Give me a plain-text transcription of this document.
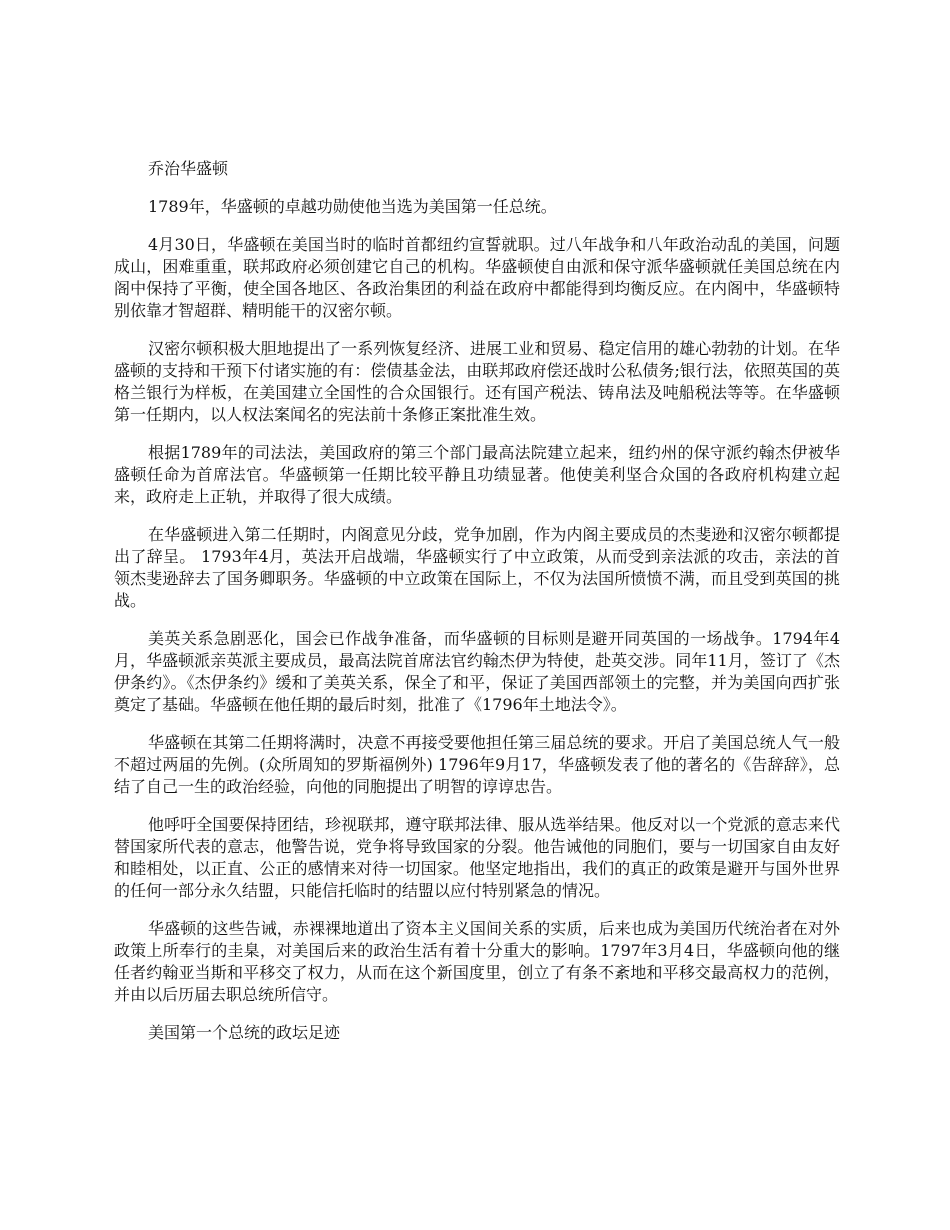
乔治华盛顿

1789年，华盛顿的卓越功勋使他当选为美国第一任总统。

4月30日，华盛顿在美国当时的临时首都纽约宣誓就职。过八年战争和八年政治动乱的美国，问题成山，困难重重，联邦政府必须创建它自己的机构。华盛顿使自由派和保守派华盛顿就任美国总统在内阁中保持了平衡，使全国各地区、各政治集团的利益在政府中都能得到均衡反应。在内阁中，华盛顿特别依靠才智超群、精明能干的汉密尔顿。

汉密尔顿积极大胆地提出了一系列恢复经济、进展工业和贸易、稳定信用的雄心勃勃的计划。在华盛顿的支持和干预下付诸实施的有：偿债基金法，由联邦政府偿还战时公私债务;银行法，依照英国的英格兰银行为样板，在美国建立全国性的合众国银行。还有国产税法、铸帛法及吨船税法等等。在华盛顿第一任期内，以人权法案闻名的宪法前十条修正案批准生效。

根据1789年的司法法，美国政府的第三个部门最高法院建立起来，纽约州的保守派约翰杰伊被华盛顿任命为首席法官。华盛顿第一任期比较平静且功绩显著。他使美利坚合众国的各政府机构建立起来，政府走上正轨，并取得了很大成绩。

在华盛顿进入第二任期时，内阁意见分歧，党争加剧，作为内阁主要成员的杰斐逊和汉密尔顿都提出了辞呈。 1793年4月，英法开启战端，华盛顿实行了中立政策，从而受到亲法派的攻击，亲法的首领杰斐逊辞去了国务卿职务。华盛顿的中立政策在国际上，不仅为法国所愤愤不满，而且受到英国的挑战。

美英关系急剧恶化，国会已作战争准备，而华盛顿的目标则是避开同英国的一场战争。1794年4月，华盛顿派亲英派主要成员，最高法院首席法官约翰杰伊为特使，赴英交涉。同年11月，签订了《杰伊条约》。《杰伊条约》缓和了美英关系，保全了和平，保证了美国西部领土的完整，并为美国向西扩张奠定了基础。华盛顿在他任期的最后时刻，批准了《1796年土地法令》。

华盛顿在其第二任期将满时，决意不再接受要他担任第三届总统的要求。开启了美国总统人气一般不超过两届的先例。(众所周知的罗斯福例外) 1796年9月17，华盛顿发表了他的著名的《告辞辞》，总结了自己一生的政治经验，向他的同胞提出了明智的谆谆忠告。

他呼吁全国要保持团结，珍视联邦，遵守联邦法律、服从选举结果。他反对以一个党派的意志来代替国家所代表的意志，他警告说，党争将导致国家的分裂。他告诫他的同胞们，要与一切国家自由友好和睦相处，以正直、公正的感情来对待一切国家。他坚定地指出，我们的真正的政策是避开与国外世界的任何一部分永久结盟，只能信托临时的结盟以应付特别紧急的情况。

华盛顿的这些告诫，赤裸裸地道出了资本主义国间关系的实质，后来也成为美国历代统治者在对外政策上所奉行的圭臬，对美国后来的政治生活有着十分重大的影响。1797年3月4日，华盛顿向他的继任者约翰亚当斯和平移交了权力，从而在这个新国度里，创立了有条不紊地和平移交最高权力的范例，并由以后历届去职总统所信守。

美国第一个总统的政坛足迹
